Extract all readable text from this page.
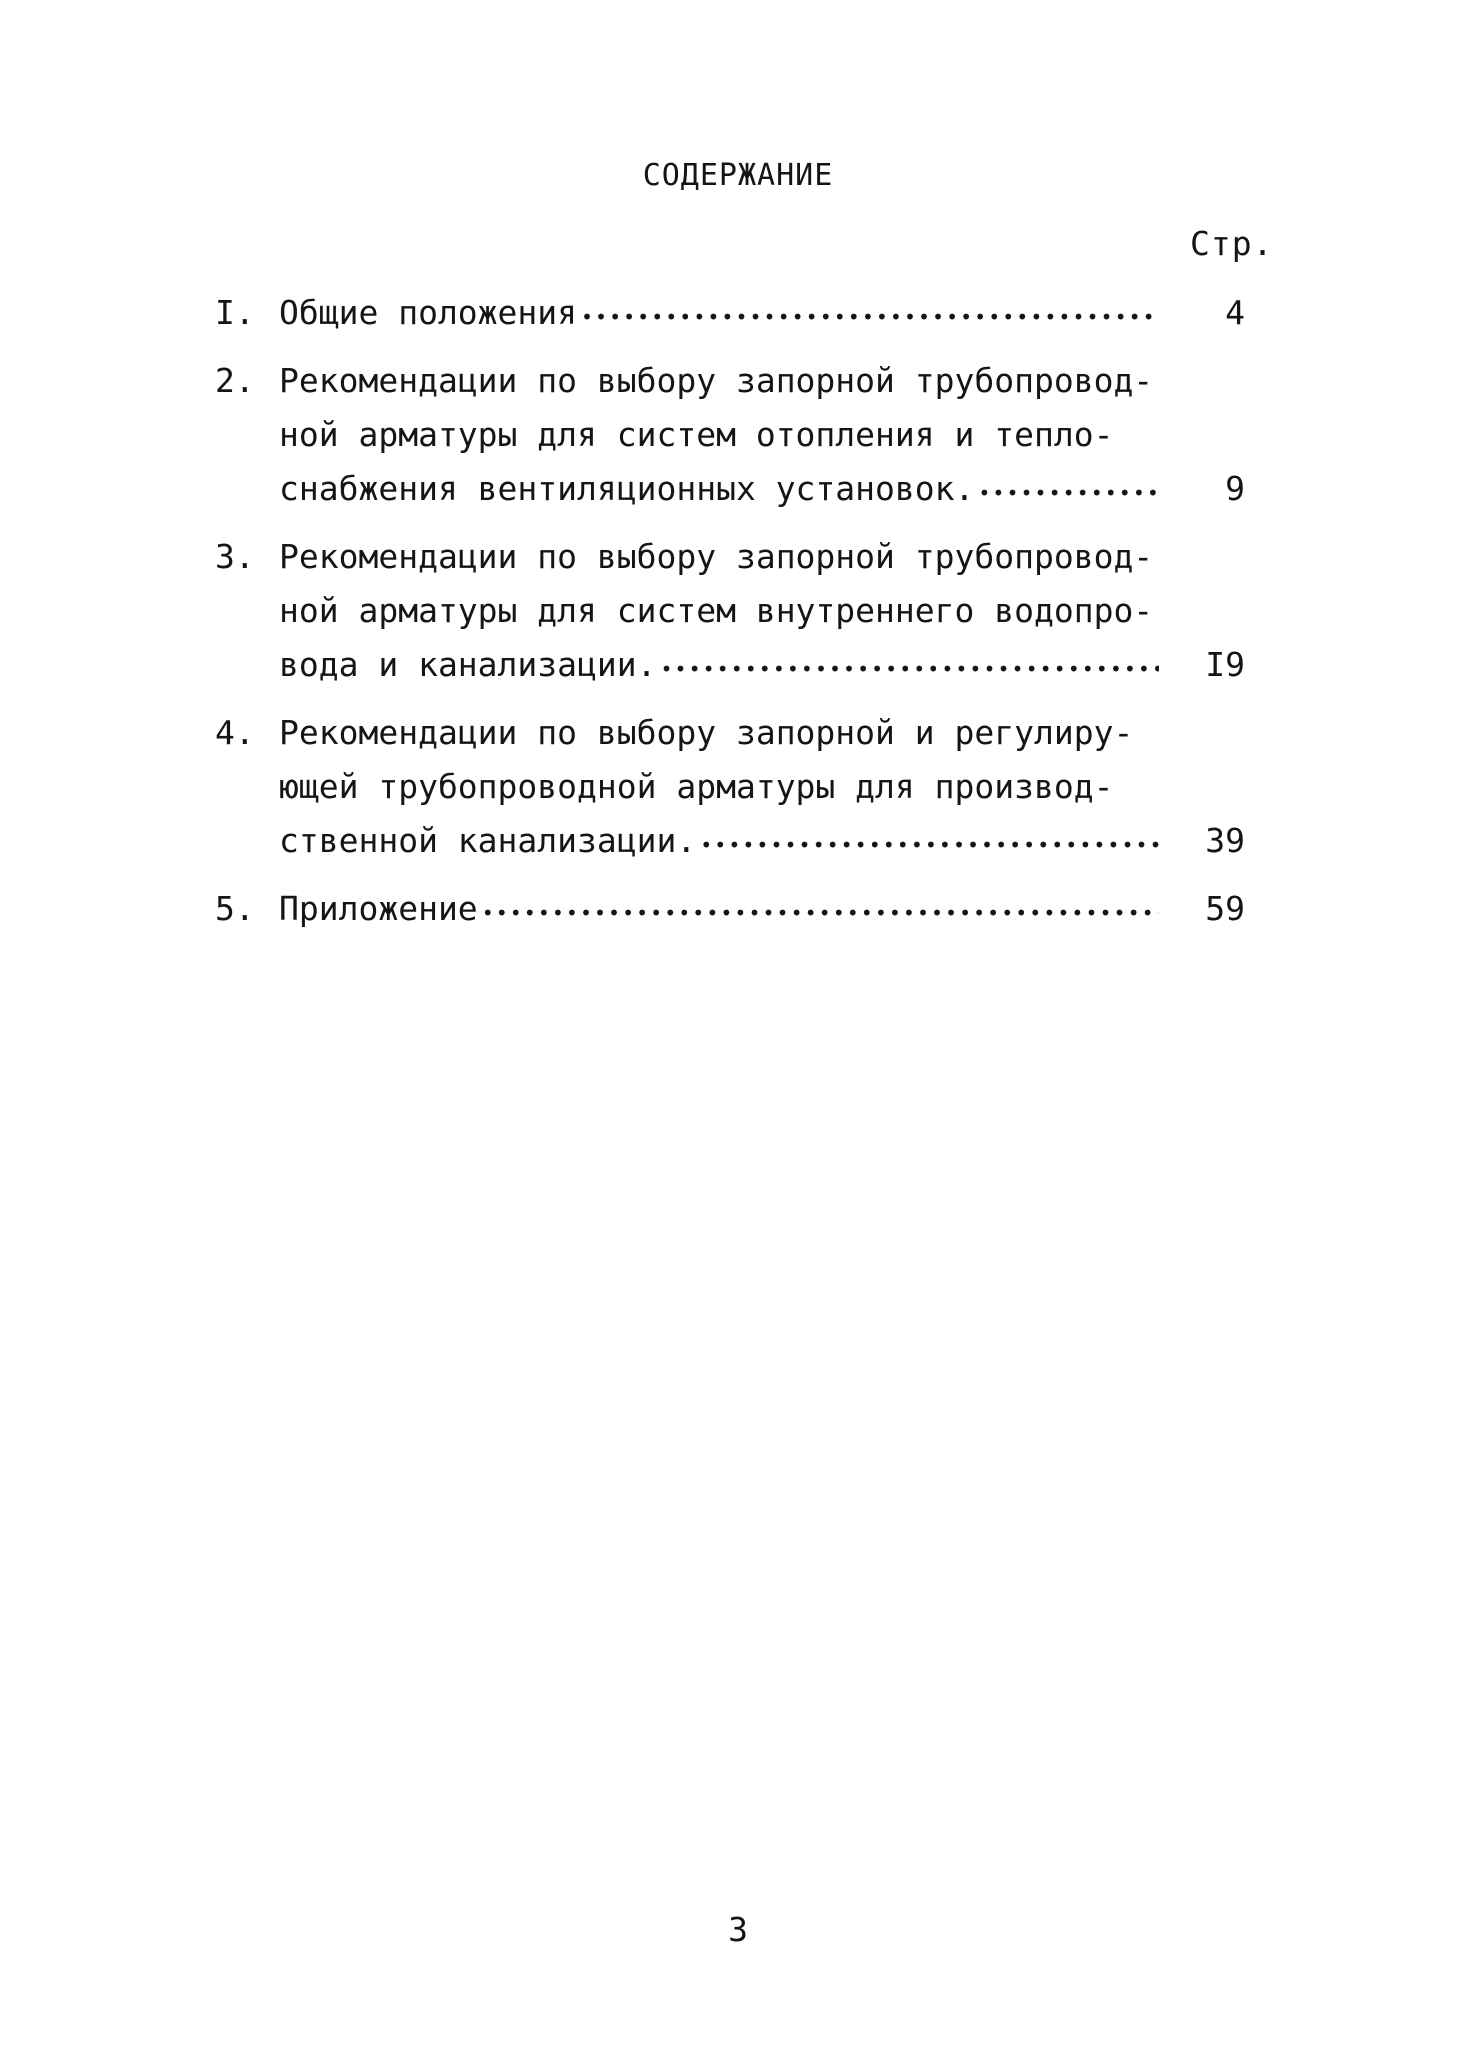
СОДЕРЖАНИЕ
Стр.
I. Общие положения •••••	4
2. Рекомендации по выбору запорной трубопровод-
ной арматуры для систем отопления и тепло-
снабжения вентиляционных установок. •••••	9
3. Рекомендации по выбору запорной трубопровод-
ной арматуры для систем внутреннего водопро-
вода и канализации. •••••	I9
4. Рекомендации по выбору запорной и регулиру-
ющей трубопроводной арматуры для производ-
ственной канализации. •••••	39
5. Приложение •••••	59
3
